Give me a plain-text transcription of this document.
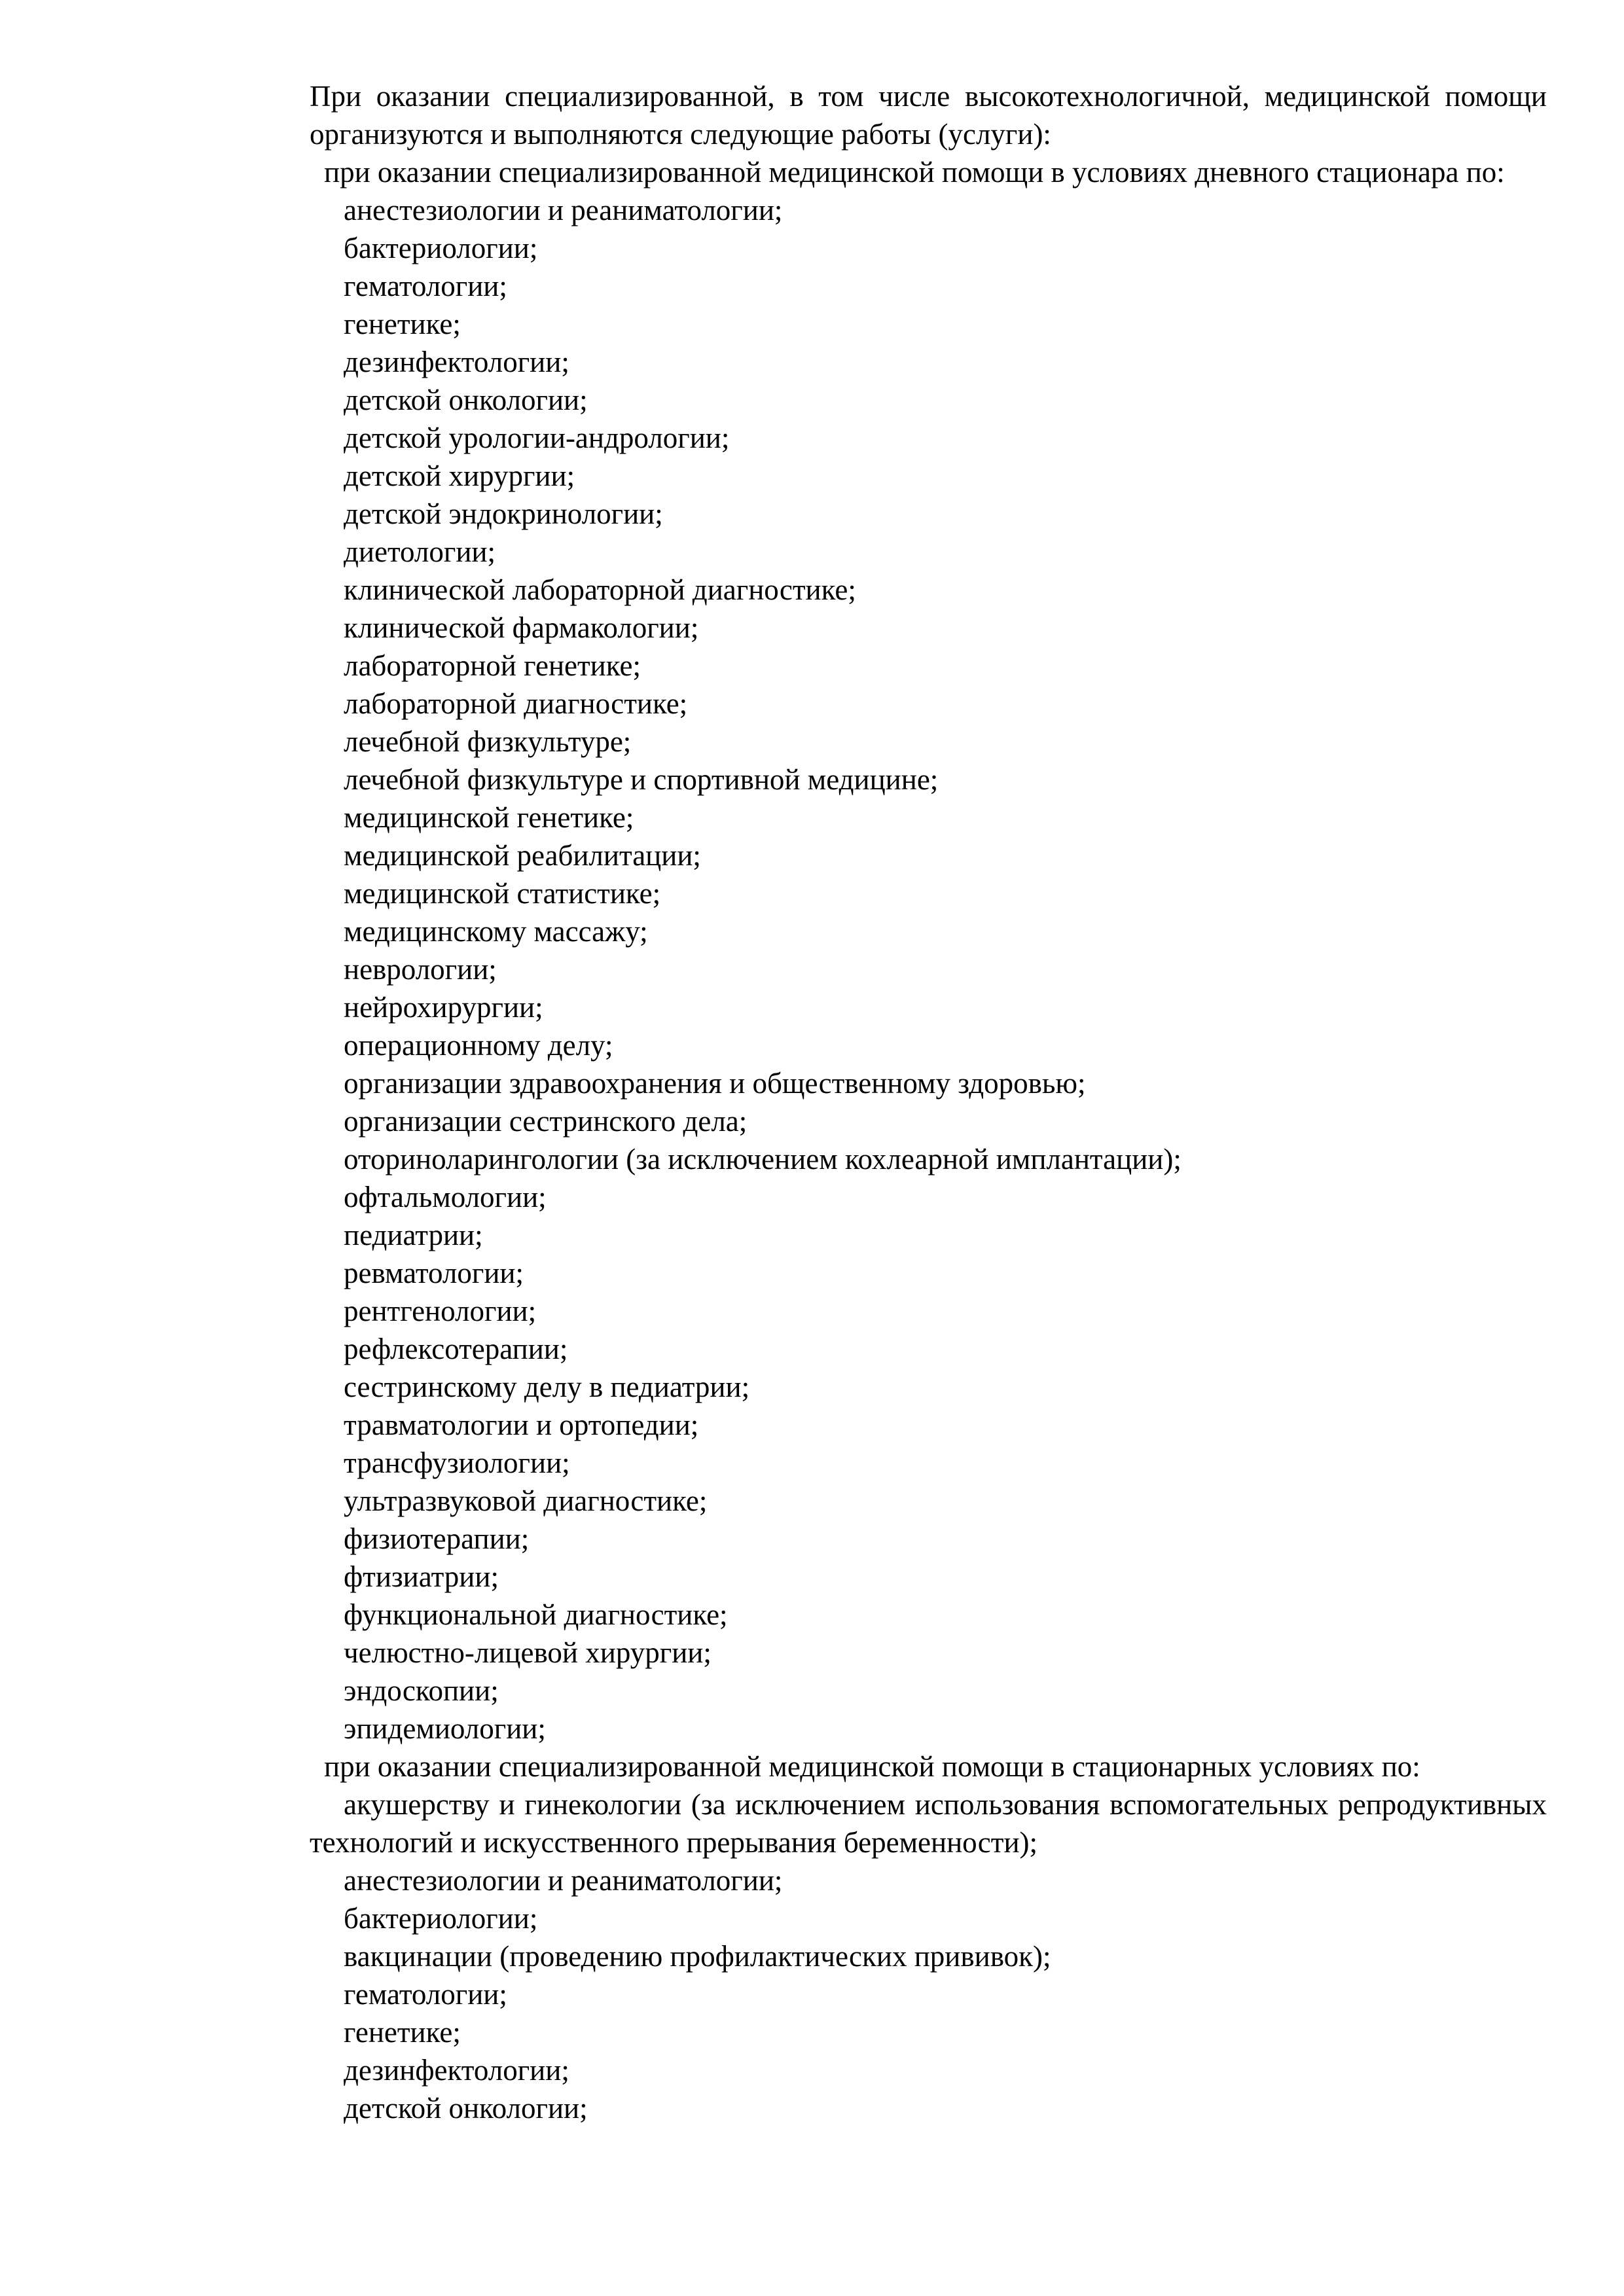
При оказании специализированной, в том числе высокотехнологичной, медицинской помощи организуются и выполняются следующие работы (услуги):

при оказании специализированной медицинской помощи в условиях дневного стационара по:

анестезиологии и реаниматологии;

бактериологии;

гематологии;

генетике;

дезинфектологии;

детской онкологии;

детской урологии-андрологии;

детской хирургии;

детской эндокринологии;

диетологии;

клинической лабораторной диагностике;

клинической фармакологии;

лабораторной генетике;

лабораторной диагностике;

лечебной физкультуре;

лечебной физкультуре и спортивной медицине;

медицинской генетике;

медицинской реабилитации;

медицинской статистике;

медицинскому массажу;

неврологии;

нейрохирургии;

операционному делу;

организации здравоохранения и общественному здоровью;

организации сестринского дела;

оториноларингологии (за исключением кохлеарной имплантации);

офтальмологии;

педиатрии;

ревматологии;

рентгенологии;

рефлексотерапии;

сестринскому делу в педиатрии;

травматологии и ортопедии;

трансфузиологии;

ультразвуковой диагностике;

физиотерапии;

фтизиатрии;

функциональной диагностике;

челюстно-лицевой хирургии;

эндоскопии;

эпидемиологии;

при оказании специализированной медицинской помощи в стационарных условиях по:

акушерству и гинекологии (за исключением использования вспомогательных репродуктивных технологий и искусственного прерывания беременности);

анестезиологии и реаниматологии;

бактериологии;

вакцинации (проведению профилактических прививок);

гематологии;

генетике;

дезинфектологии;

детской онкологии;
